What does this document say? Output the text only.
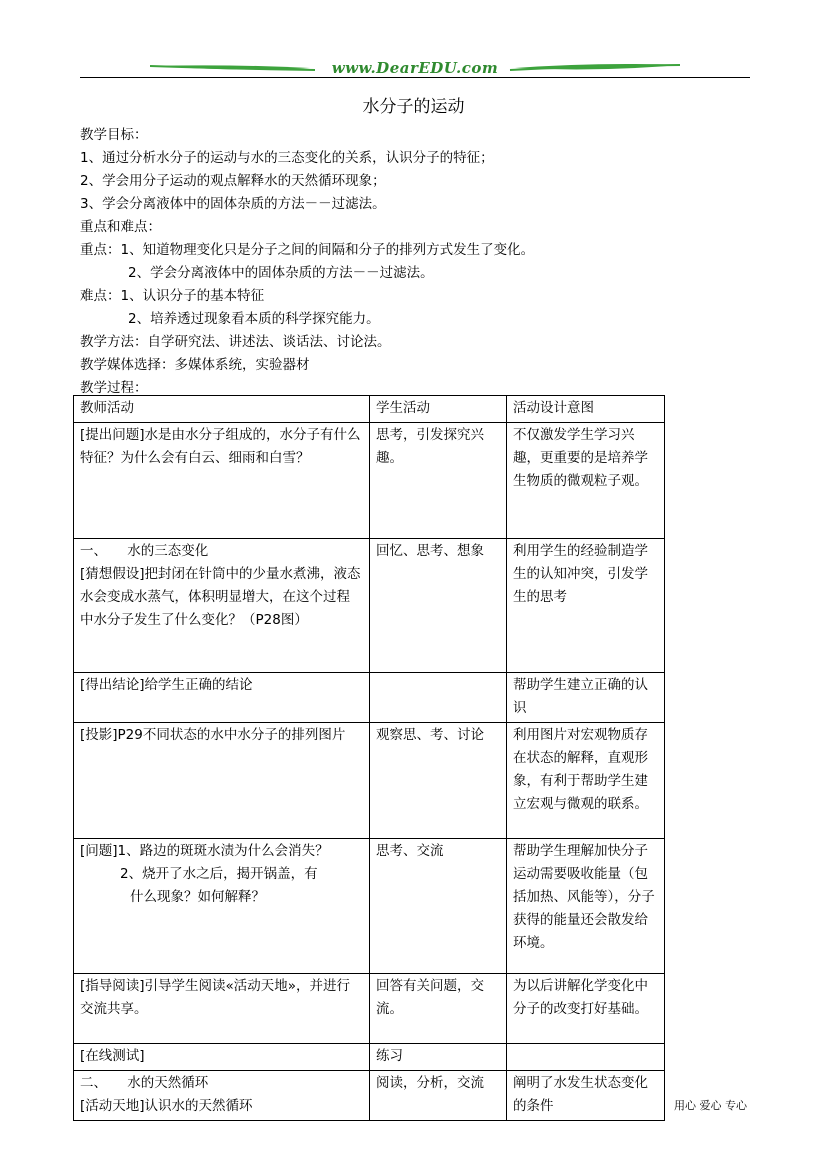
www.DearEDU.com
水分子的运动
教学目标：
1、通过分析水分子的运动与水的三态变化的关系，认识分子的特征；
2、学会用分子运动的观点解释水的天然循环现象；
3、学会分离液体中的固体杂质的方法－－过滤法。
重点和难点：
重点：1、知道物理变化只是分子之间的间隔和分子的排列方式发生了变化。
2、学会分离液体中的固体杂质的方法－－过滤法。
难点：1、认识分子的基本特征
2、培养透过现象看本质的科学探究能力。
教学方法：自学研究法、讲述法、谈话法、讨论法。
教学媒体选择：多媒体系统，实验器材
教学过程：
教师活动	学生活动	活动设计意图

[提出问题]水是由水分子组成的，水分子有什么特征？为什么会有白云、细雨和白雪？	思考，引发探究兴趣。	不仅激发学生学习兴趣，更重要的是培养学生物质的微观粒子观。

一、　　水的三态变化
[猜想假设]把封闭在针筒中的少量水煮沸，液态水会变成水蒸气，体积明显增大，在这个过程中水分子发生了什么变化？（P28图）	回忆、思考、想象	利用学生的经验制造学生的认知冲突，引发学生的思考

[得出结论]给学生正确的结论		帮助学生建立正确的认识

[投影]P29不同状态的水中水分子的排列图片	观察思、考、讨论	利用图片对宏观物质存在状态的解释，直观形象，有利于帮助学生建立宏观与微观的联系。

[问题]1、路边的斑斑水渍为什么会消失？
2、烧开了水之后，揭开锅盖，有
什么现象？如何解释？	思考、交流	帮助学生理解加快分子运动需要吸收能量（包括加热、风能等），分子获得的能量还会散发给环境。

[指导阅读]引导学生阅读«活动天地»，并进行交流共享。	回答有关问题，交流。	为以后讲解化学变化中分子的改变打好基础。

[在线测试]	练习	

二、　　水的天然循环
[活动天地]认识水的天然循环	阅读，分析，交流	阐明了水发生状态变化的条件	用心 爱心 专心
